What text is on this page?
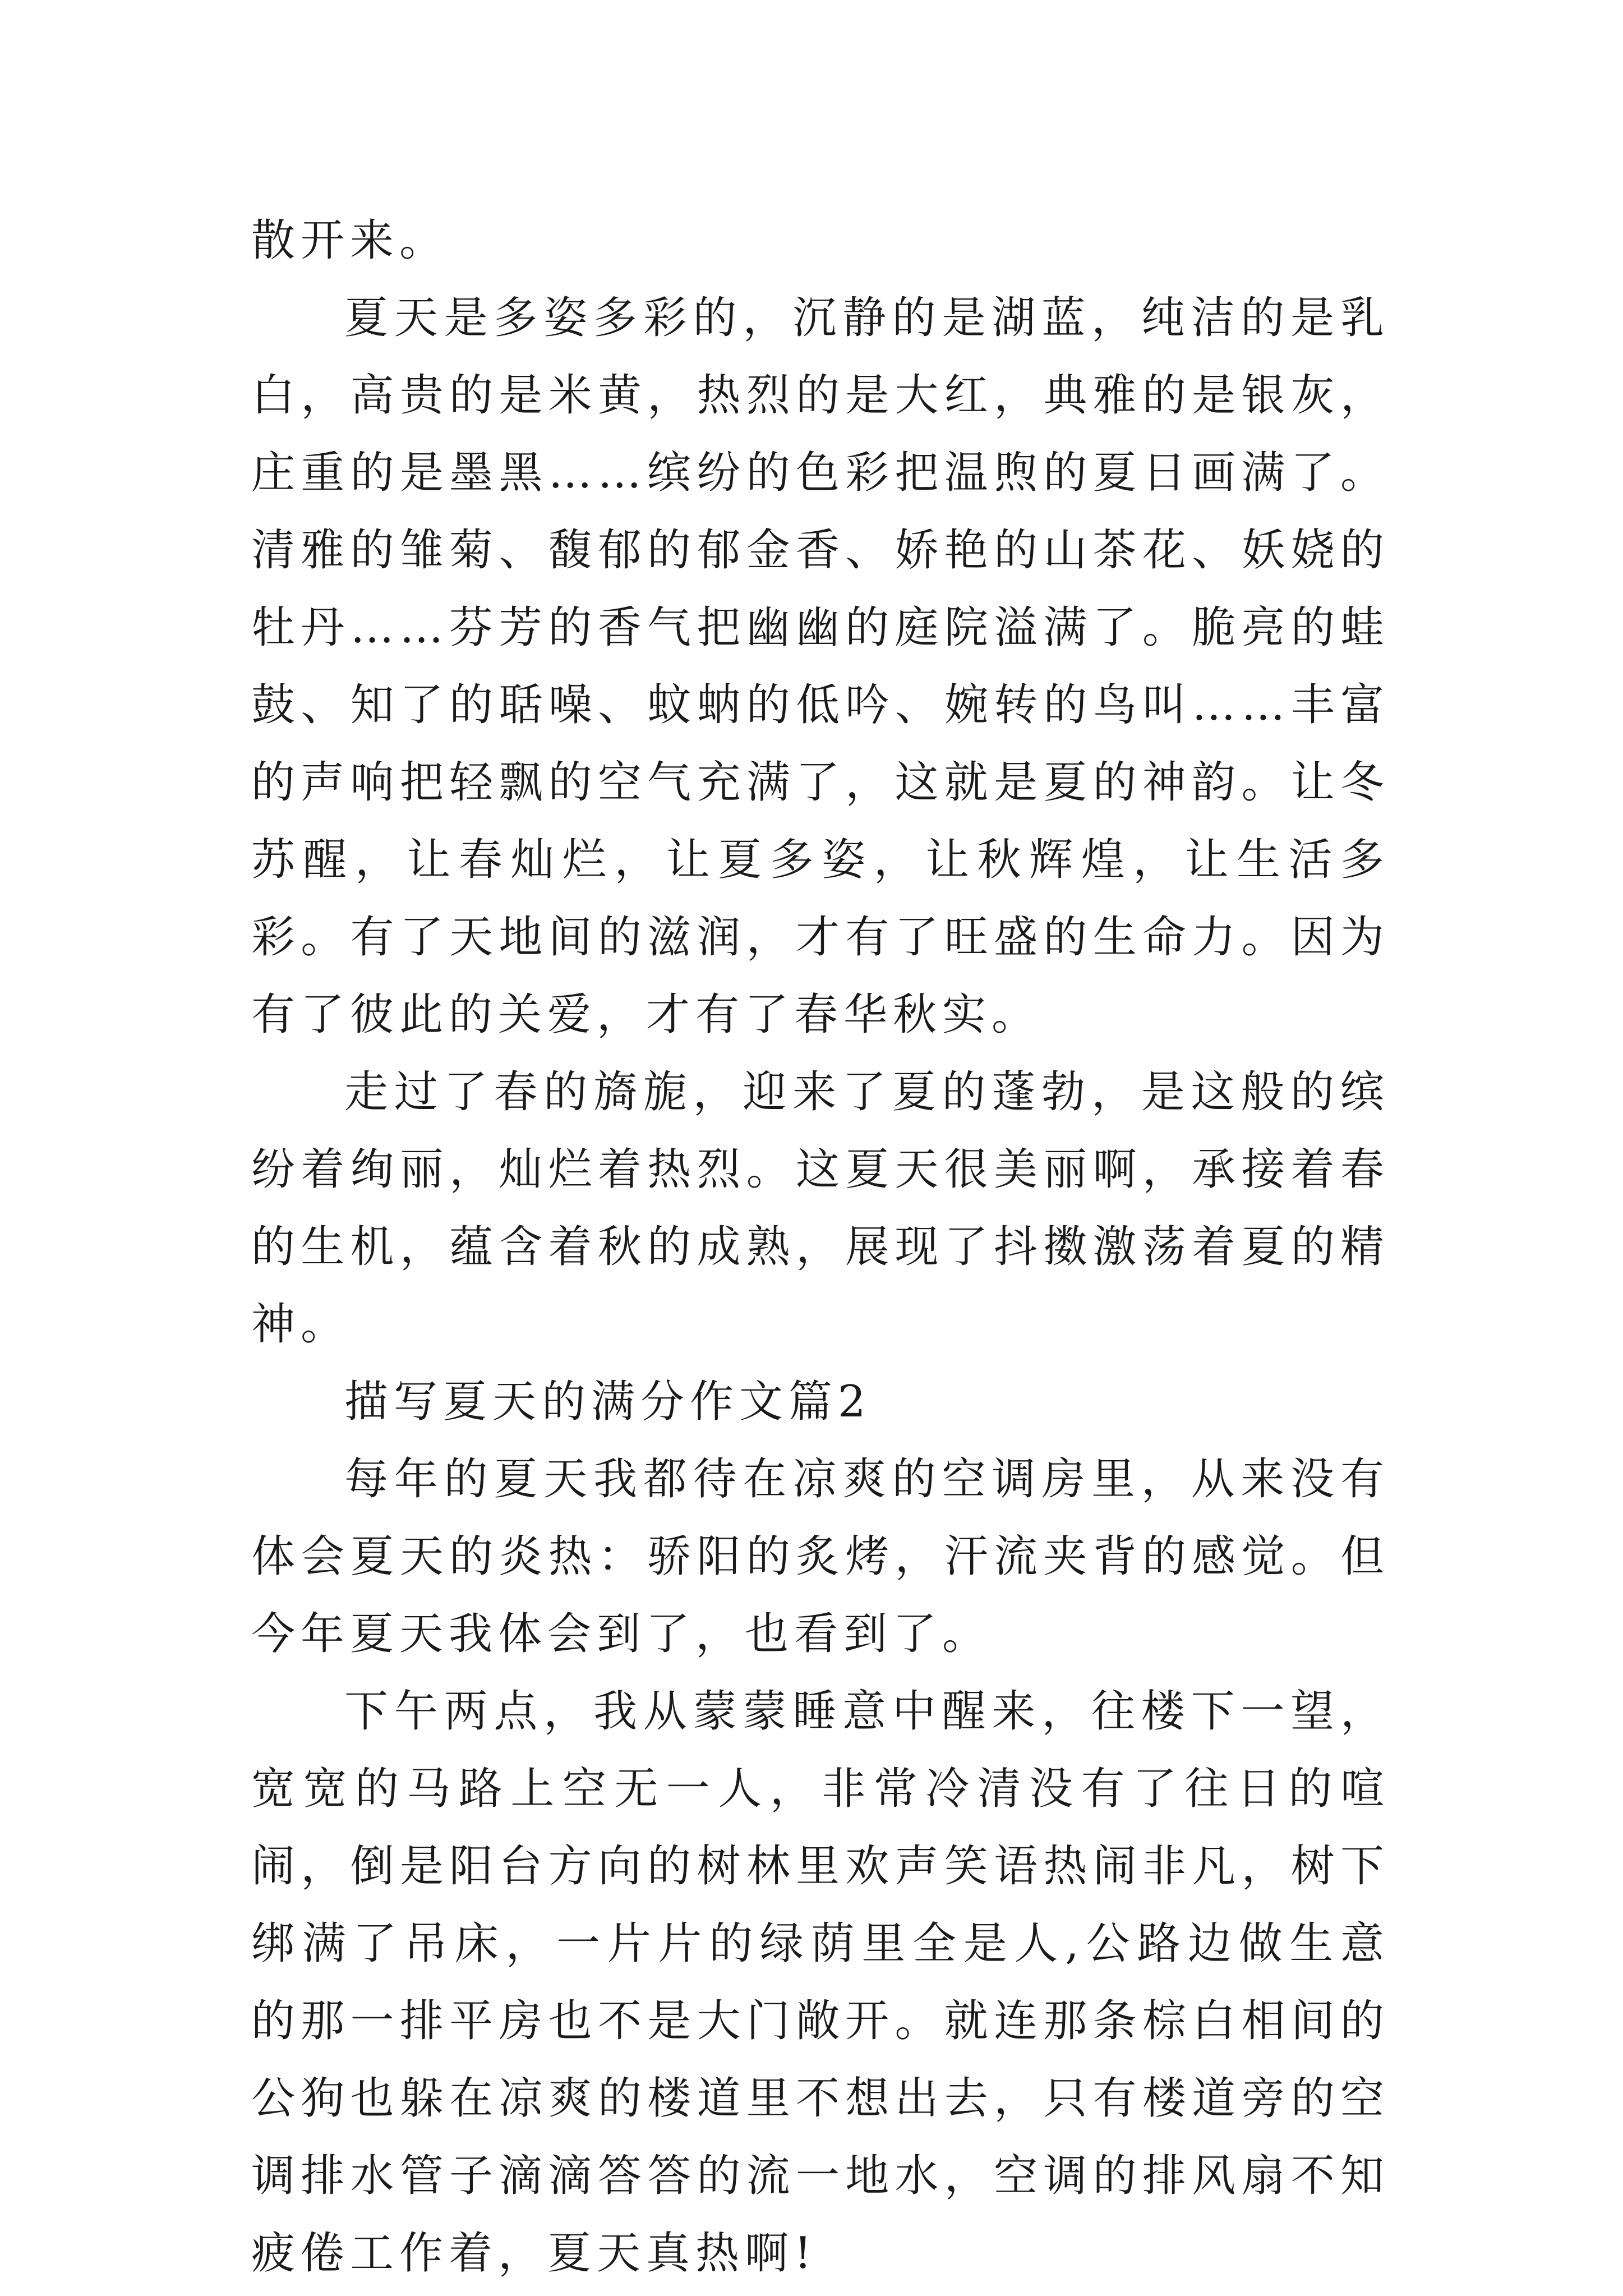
散开来。

夏天是多姿多彩的，沉静的是湖蓝，纯洁的是乳白，高贵的是米黄，热烈的是大红，典雅的是银灰，庄重的是墨黑……缤纷的色彩把温煦的夏日画满了。清雅的雏菊、馥郁的郁金香、娇艳的山茶花、妖娆的牡丹……芬芳的香气把幽幽的庭院溢满了。脆亮的蛙鼓、知了的聒噪、蚊蚋的低吟、婉转的鸟叫……丰富的声响把轻飘的空气充满了，这就是夏的神韵。让冬苏醒，让春灿烂，让夏多姿，让秋辉煌，让生活多彩。有了天地间的滋润，才有了旺盛的生命力。因为有了彼此的关爱，才有了春华秋实。

走过了春的旖旎，迎来了夏的蓬勃，是这般的缤纷着绚丽，灿烂着热烈。这夏天很美丽啊，承接着春的生机，蕴含着秋的成熟，展现了抖擞激荡着夏的精神。

描写夏天的满分作文篇2

每年的夏天我都待在凉爽的空调房里，从来没有体会夏天的炎热：骄阳的炙烤，汗流夹背的感觉。但今年夏天我体会到了，也看到了。

下午两点，我从蒙蒙睡意中醒来，往楼下一望，宽宽的马路上空无一人，非常冷清没有了往日的喧闹，倒是阳台方向的树林里欢声笑语热闹非凡，树下绑满了吊床，一片片的绿荫里全是人,公路边做生意的那一排平房也不是大门敞开。就连那条棕白相间的公狗也躲在凉爽的楼道里不想出去，只有楼道旁的空调排水管子滴滴答答的流一地水，空调的排风扇不知疲倦工作着，夏天真热啊!
